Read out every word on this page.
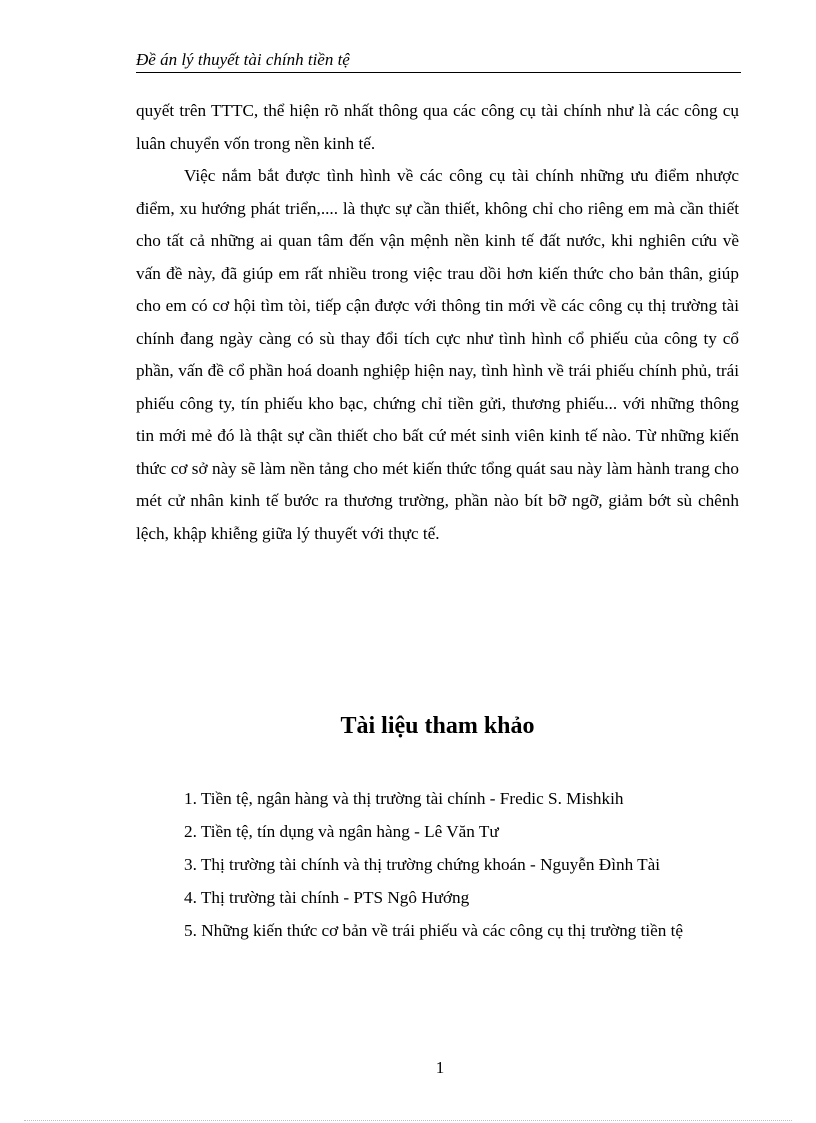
Đề án lý thuyết tài chính tiền tệ

quyết trên TTTC, thể hiện rõ nhất thông qua các công cụ tài chính như là các công cụ luân chuyển vốn trong nền kinh tế.

Việc nắm bắt được tình hình về các công cụ tài chính những ưu điểm nhược điểm, xu hướng phát triển,.... là thực sự cần thiết, không chỉ cho riêng em mà cần thiết cho tất cả những ai quan tâm đến vận mệnh nền kinh tế đất nước, khi nghiên cứu về vấn đề này, đã giúp em rất nhiều trong việc trau dồi hơn kiến thức cho bản thân, giúp cho em có cơ hội tìm tòi, tiếp cận được với thông tin mới về các công cụ thị trường tài chính đang ngày càng có sù thay đổi tích cực như tình hình cổ phiếu của công ty cổ phần, vấn đề cổ phần hoá doanh nghiệp hiện nay, tình hình về trái phiếu chính phủ, trái phiếu công ty, tín phiếu kho bạc, chứng chỉ tiền gửi, thương phiếu... với những thông tin mới mẻ đó là thật sự cần thiết cho bất cứ mét sinh viên kinh tế nào. Từ những kiến thức cơ sở này sẽ làm nền tảng cho mét kiến thức tổng quát sau này làm hành trang cho mét cử nhân kinh tế bước ra thương trường, phần nào bít bỡ ngỡ, giảm bớt sù chênh lệch, khập khiễng giữa lý thuyết với thực tế.

Tài liệu tham khảo
1. Tiền tệ, ngân hàng và thị trường tài chính - Fredic S. Mishkih
2. Tiền tệ, tín dụng và ngân hàng - Lê Văn Tư
3. Thị trường tài chính và thị trường chứng khoán - Nguyễn Đình Tài
4. Thị trường tài chính - PTS Ngô Hướng
5. Những kiến thức cơ bản về trái phiếu và các công cụ thị trường tiền tệ
1
